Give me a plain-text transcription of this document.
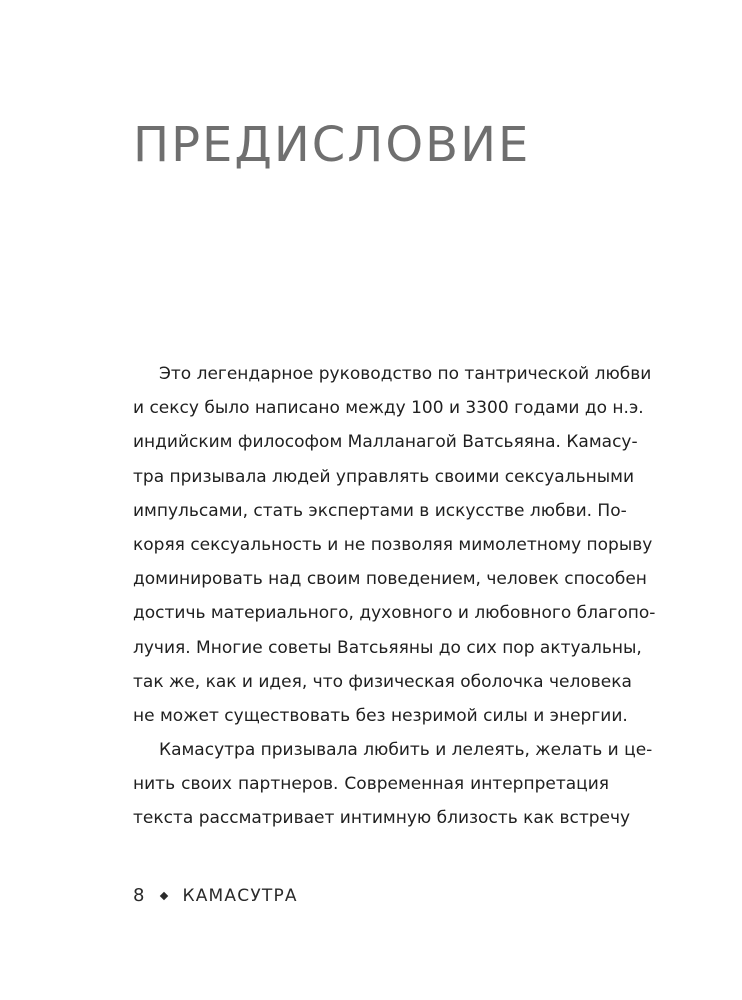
ПРЕДИСЛОВИЕ
Это легендарное руководство по тантрической любви
и сексу было написано между 100 и 3300 годами до н.э.
индийским философом Малланагой Ватсьяяна. Камасу-
тра призывала людей управлять своими сексуальными
импульсами, стать экспертами в искусстве любви. По-
коряя сексуальность и не позволяя мимолетному порыву
доминировать над своим поведением, человек способен
достичь материального, духовного и любовного благопо-
лучия. Многие советы Ватсьяяны до сих пор актуальны,
так же, как и идея, что физическая оболочка человека
не может существовать без незримой силы и энергии.
Камасутра призывала любить и лелеять, желать и це-
нить своих партнеров. Современная интерпретация
текста рассматривает интимную близость как встречу
8 КАМАСУТРА
